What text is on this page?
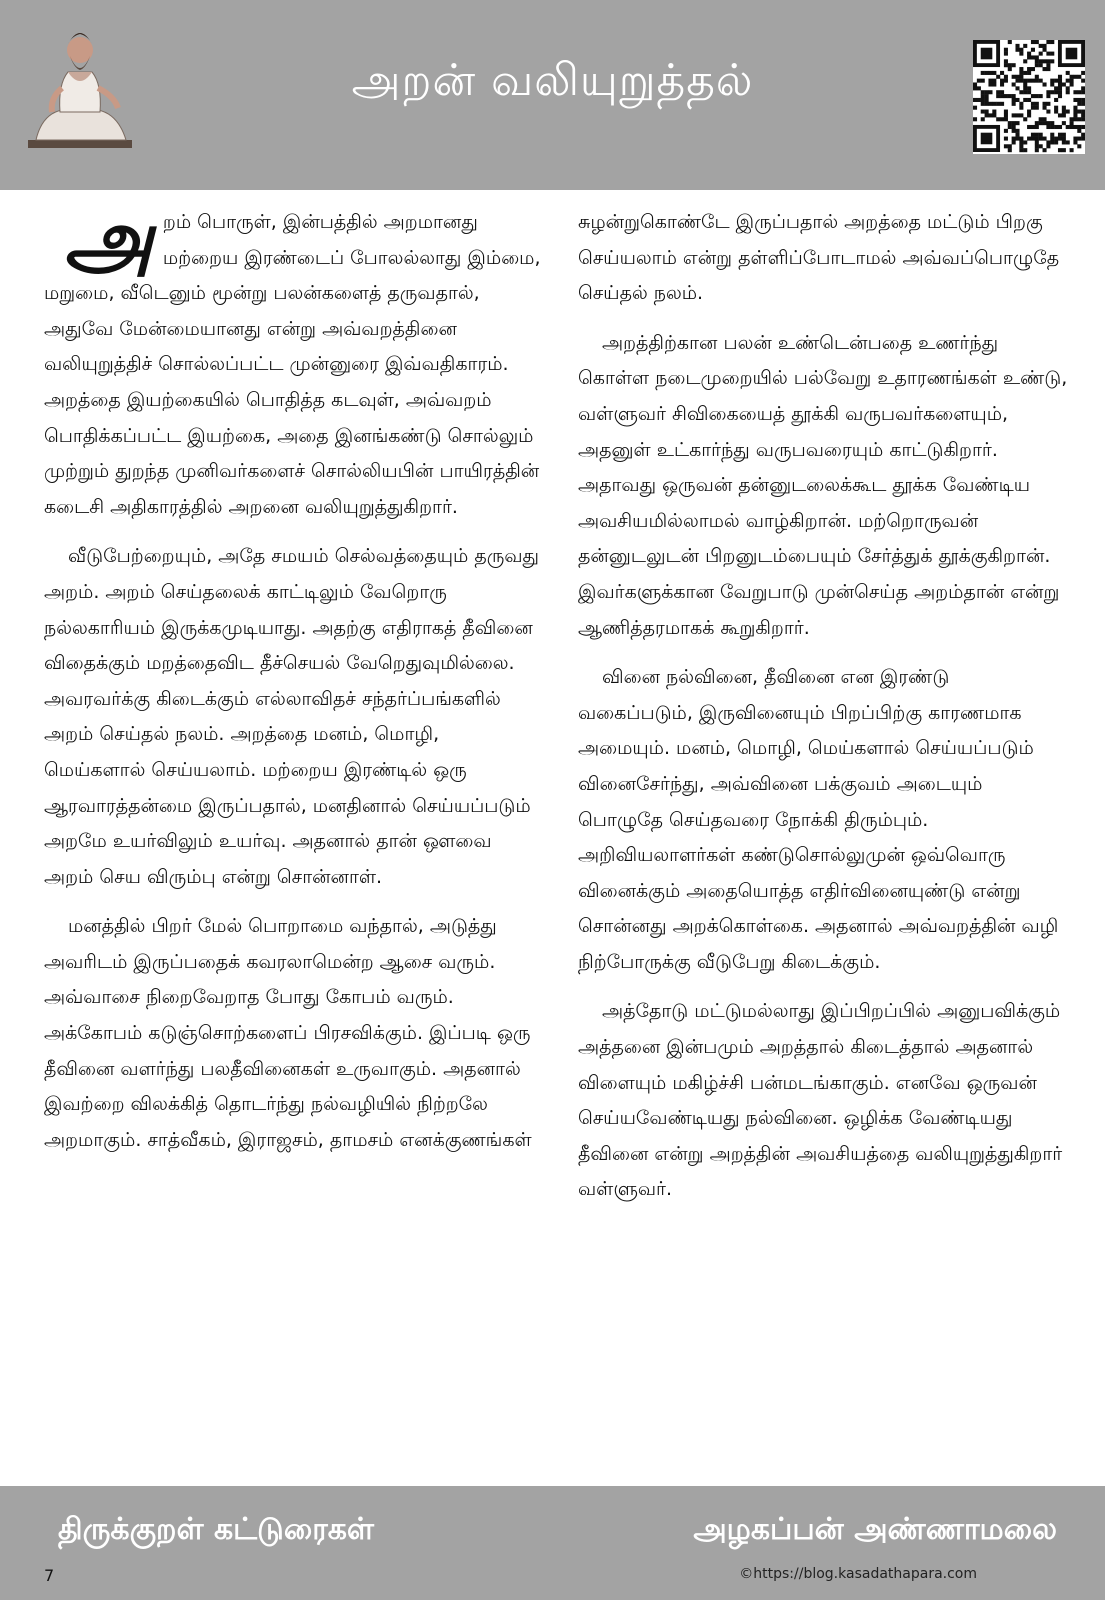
அறன் வலியுறுத்தல்

அறம் பொருள், இன்பத்தில் அறமானது மற்றைய இரண்டைப் போலல்லாது இம்மை, மறுமை, வீடெனும் மூன்று பலன்களைத் தருவதால், அதுவே மேன்மையானது என்று அவ்வறத்தினை வலியுறுத்திச் சொல்லப்பட்ட முன்னுரை இவ்வதிகாரம். அறத்தை இயற்கையில் பொதித்த கடவுள், அவ்வறம் பொதிக்கப்பட்ட இயற்கை, அதை இனங்கண்டு சொல்லும் முற்றும் துறந்த முனிவர்களைச் சொல்லியபின் பாயிரத்தின் கடைசி அதிகாரத்தில் அறனை வலியுறுத்துகிறார்.

வீடுபேற்றையும், அதே சமயம் செல்வத்தையும் தருவது அறம். அறம் செய்தலைக் காட்டிலும் வேறொரு நல்லகாரியம் இருக்கமுடியாது. அதற்கு எதிராகத் தீவினை விதைக்கும் மறத்தைவிட தீச்செயல் வேறெதுவுமில்லை. அவரவர்க்கு கிடைக்கும் எல்லாவிதச் சந்தர்ப்பங்களில் அறம் செய்தல் நலம். அறத்தை மனம், மொழி, மெய்களால் செய்யலாம். மற்றைய இரண்டில் ஒரு ஆரவாரத்தன்மை இருப்பதால், மனதினால் செய்யப்படும் அறமே உயர்விலும் உயர்வு. அதனால் தான் ஔவை அறம் செய விரும்பு என்று சொன்னாள்.

மனத்தில் பிறர் மேல் பொறாமை வந்தால், அடுத்து அவரிடம் இருப்பதைக் கவரலாமென்ற ஆசை வரும். அவ்வாசை நிறைவேறாத போது கோபம் வரும். அக்கோபம் கடுஞ்சொற்களைப் பிரசவிக்கும். இப்படி ஒரு தீவினை வளர்ந்து பலதீவினைகள் உருவாகும். அதனால் இவற்றை விலக்கித் தொடர்ந்து நல்வழியில் நிற்றலே அறமாகும். சாத்வீகம், இராஜசம், தாமசம் எனக்குணங்கள்

சுழன்றுகொண்டே இருப்பதால் அறத்தை மட்டும் பிறகு செய்யலாம் என்று தள்ளிப்போடாமல் அவ்வப்பொழுதே செய்தல் நலம்.

அறத்திற்கான பலன் உண்டென்பதை உணர்ந்து கொள்ள நடைமுறையில் பல்வேறு உதாரணங்கள் உண்டு, வள்ளுவர் சிவிகையைத் தூக்கி வருபவர்களையும், அதனுள் உட்கார்ந்து வருபவரையும் காட்டுகிறார். அதாவது ஒருவன் தன்னுடலைக்கூட தூக்க வேண்டிய அவசியமில்லாமல் வாழ்கிறான். மற்றொருவன் தன்னுடலுடன் பிறனுடம்பையும் சேர்த்துக் தூக்குகிறான். இவர்களுக்கான வேறுபாடு முன்செய்த அறம்தான் என்று ஆணித்தரமாகக் கூறுகிறார்.

வினை நல்வினை, தீவினை என இரண்டு வகைப்படும், இருவினையும் பிறப்பிற்கு காரணமாக அமையும். மனம், மொழி, மெய்களால் செய்யப்படும் வினைசேர்ந்து, அவ்வினை பக்குவம் அடையும் பொழுதே செய்தவரை நோக்கி திரும்பும். அறிவியலாளர்கள் கண்டுசொல்லுமுன் ஒவ்வொரு வினைக்கும் அதையொத்த எதிர்வினையுண்டு என்று சொன்னது அறக்கொள்கை. அதனால் அவ்வறத்தின் வழி நிற்போருக்கு வீடுபேறு கிடைக்கும்.

அத்தோடு மட்டுமல்லாது இப்பிறப்பில் அனுபவிக்கும் அத்தனை இன்பமும் அறத்தால் கிடைத்தால் அதனால் விளையும் மகிழ்ச்சி பன்மடங்காகும். எனவே ஒருவன் செய்யவேண்டியது நல்வினை. ஒழிக்க வேண்டியது தீவினை என்று அறத்தின் அவசியத்தை வலியுறுத்துகிறார் வள்ளுவர்.

திருக்குறள் கட்டுரைகள்	அழகப்பன் அண்ணாமலை
7	©https://blog.kasadathapara.com
